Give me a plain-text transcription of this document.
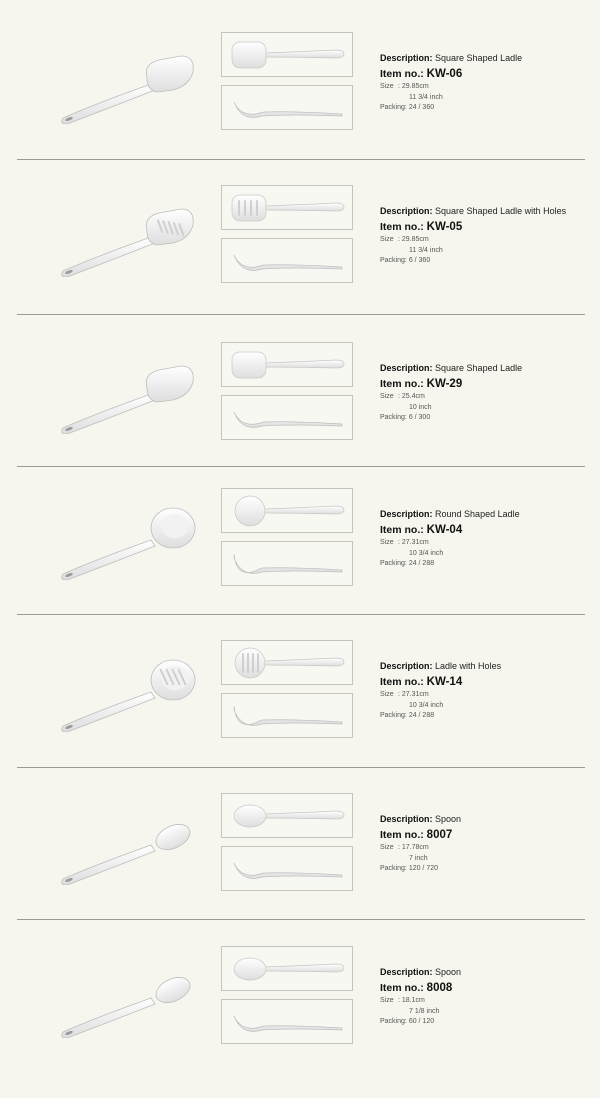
Description: Square Shaped Ladle
Item no.: KW-06
Size : 29.85cm
11 3/4 inch
Packing: 24 / 360
Description: Square Shaped Ladle with Holes
Item no.: KW-05
Size : 29.85cm
11 3/4 inch
Packing: 6 / 360
Description: Square Shaped Ladle
Item no.: KW-29
Size : 25.4cm
10 inch
Packing: 6 / 300
Description: Round Shaped Ladle
Item no.: KW-04
Size : 27.31cm
10 3/4 inch
Packing: 24 / 288
Description: Ladle with Holes
Item no.: KW-14
Size : 27.31cm
10 3/4 inch
Packing: 24 / 288
Description: Spoon
Item no.: 8007
Size : 17.78cm
7 inch
Packing: 120 / 720
Description: Spoon
Item no.: 8008
Size : 18.1cm
7 1/8 inch
Packing: 60 / 120
